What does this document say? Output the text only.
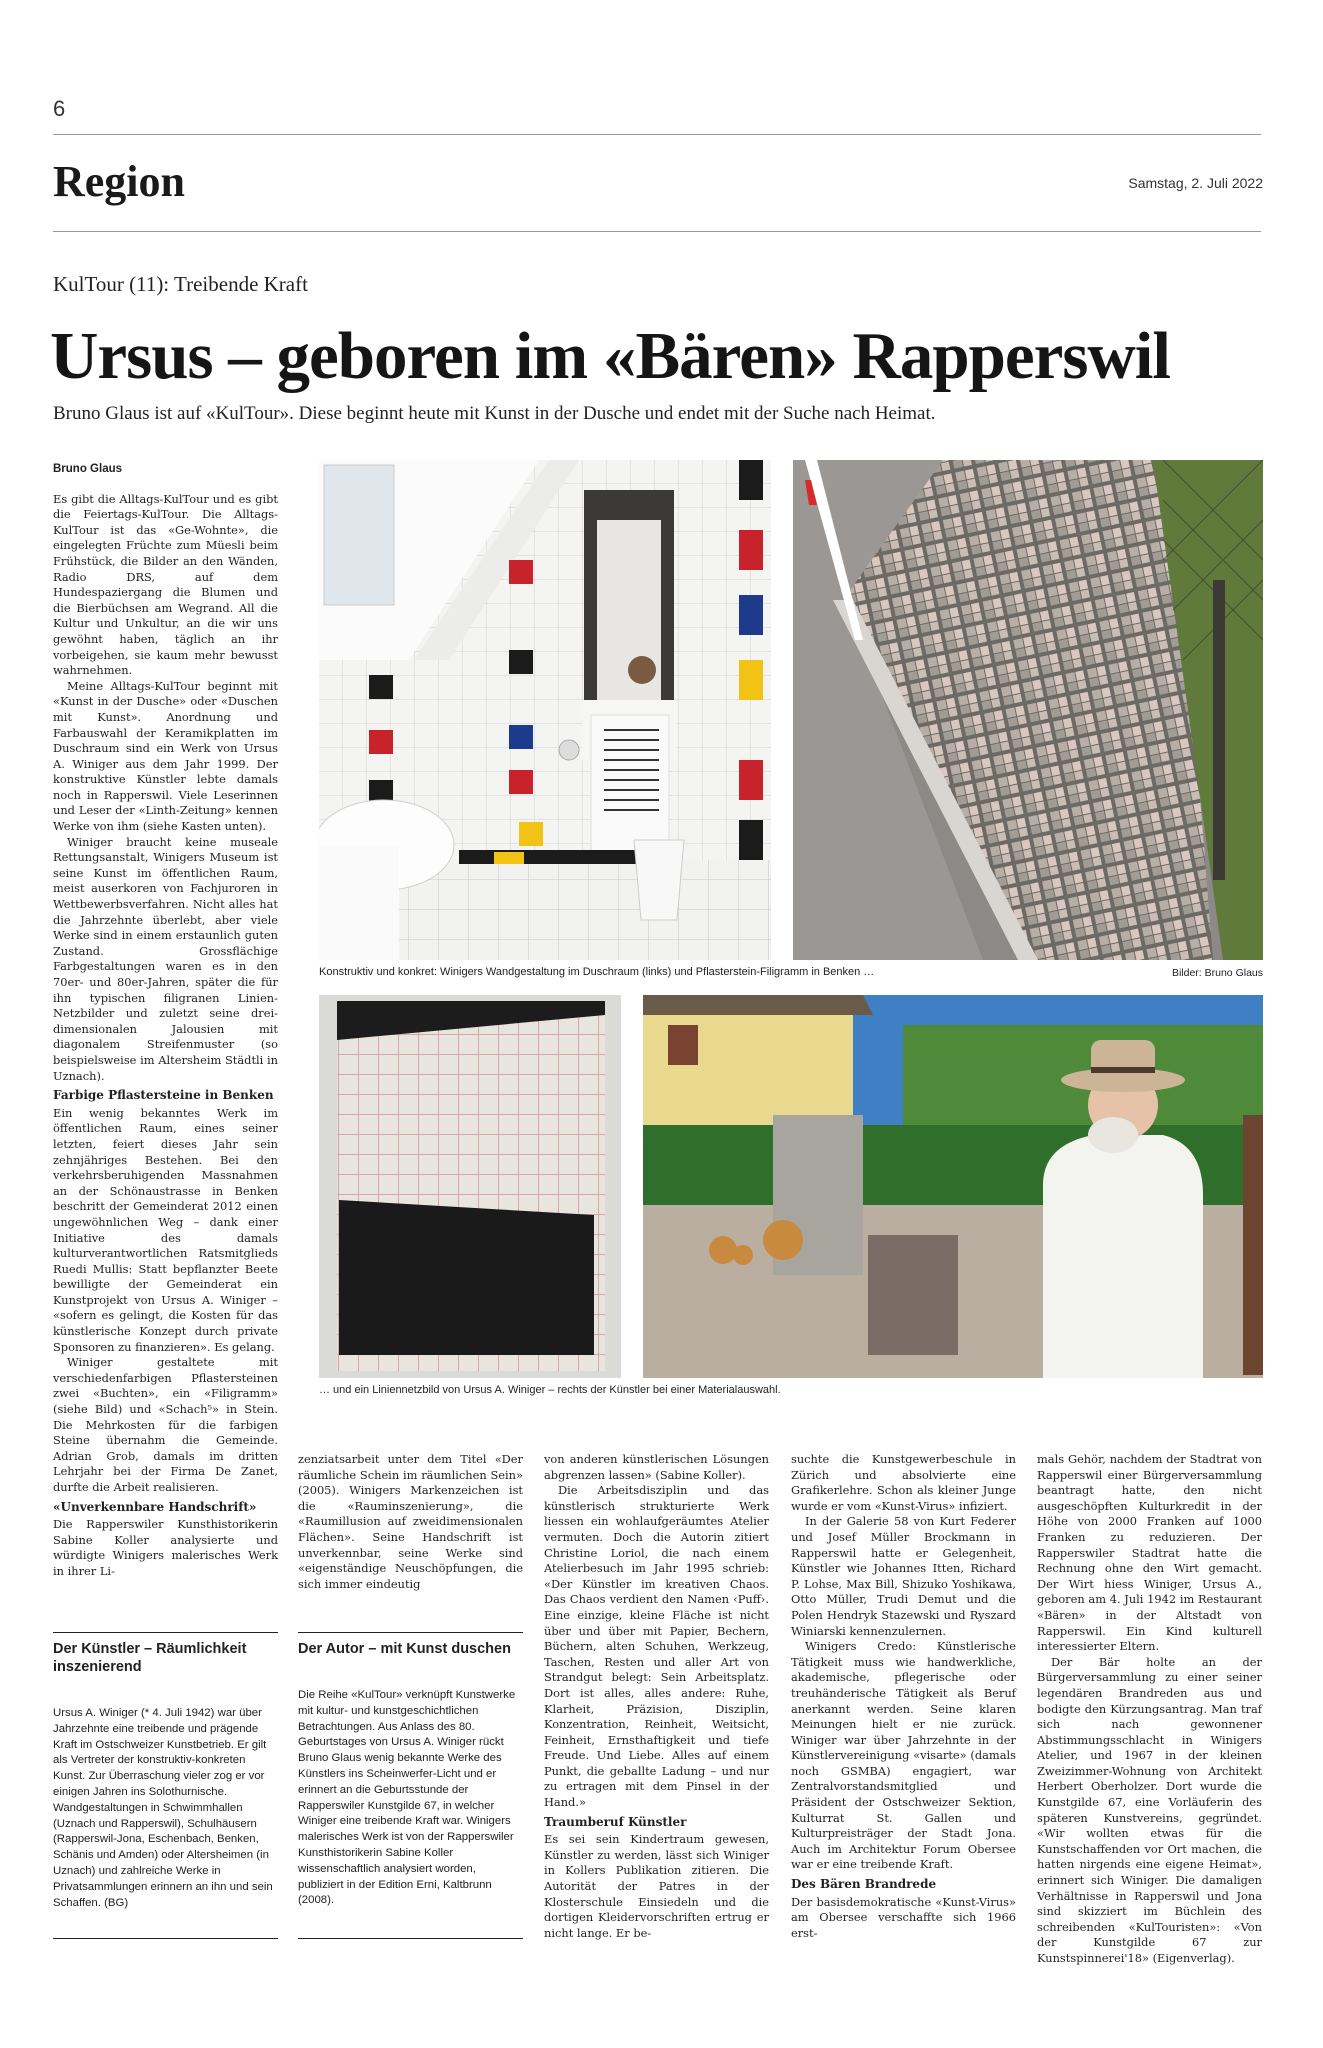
6
Region	Samstag, 2. Juli 2022
KulTour (11): Treibende Kraft
Ursus – geboren im «Bären» Rapperswil
Bruno Glaus ist auf «KulTour». Diese beginnt heute mit Kunst in der Dusche und endet mit der Suche nach Heimat.
Bruno Glaus

Es gibt die Alltags-KulTour und es gibt die Feiertags-KulTour. Die Alltags-KulTour ist das «Ge-Wohnte», die eingelegten Früchte zum Müesli beim Frühstück, die Bilder an den Wänden, Radio DRS, auf dem Hundespaziergang die Blumen und die Bierbüchsen am Wegrand. All die Kultur und Unkultur, an die wir uns gewöhnt haben, täglich an ihr vorbeigehen, sie kaum mehr bewusst wahrnehmen.

Meine Alltags-KulTour beginnt mit «Kunst in der Dusche» oder «Duschen mit Kunst». Anordnung und Farbauswahl der Keramikplatten im Duschraum sind ein Werk von Ursus A. Winiger aus dem Jahr 1999. Der konstruktive Künstler lebte damals noch in Rapperswil. Viele Leserinnen und Leser der «Linth-Zeitung» kennen Werke von ihm (siehe Kasten unten).

Winiger braucht keine museale Rettungsanstalt, Winigers Museum ist seine Kunst im öffentlichen Raum, meist auserkoren von Fachjuroren in Wettbewerbsverfahren. Nicht alles hat die Jahrzehnte überlebt, aber viele Werke sind in einem erstaunlich guten Zustand. Grossflächige Farbgestaltungen waren es in den 70er- und 80er-Jahren, später die für ihn typischen filigranen Linien-Netzbilder und zuletzt seine drei-dimensionalen Jalousien mit diagonalem Streifenmuster (so beispielsweise im Altersheim Städtli in Uznach).

Farbige Pflastersteine in Benken

Ein wenig bekanntes Werk im öffentlichen Raum, eines seiner letzten, feiert dieses Jahr sein zehnjähriges Bestehen. Bei den verkehrsberuhigenden Massnahmen an der Schönaustrasse in Benken beschritt der Gemeinderat 2012 einen ungewöhnlichen Weg – dank einer Initiative des damals kulturverantwortlichen Ratsmitglieds Ruedi Mullis: Statt bepflanzter Beete bewilligte der Gemeinderat ein Kunstprojekt von Ursus A. Winiger – «sofern es gelingt, die Kosten für das künstlerische Konzept durch private Sponsoren zu finanzieren». Es gelang.

Winiger gestaltete mit verschiedenfarbigen Pflastersteinen zwei «Buchten», ein «Filigramm» (siehe Bild) und «Schach⁵» in Stein. Die Mehrkosten für die farbigen Steine übernahm die Gemeinde. Adrian Grob, damals im dritten Lehrjahr bei der Firma De Zanet, durfte die Arbeit realisieren.

«Unverkennbare Handschrift»

Die Rapperswiler Kunsthistorikerin Sabine Koller analysierte und würdigte Winigers malerisches Werk in ihrer Li-

Konstruktiv und konkret: Winigers Wandgestaltung im Duschraum (links) und Pflasterstein-Filigramm in Benken …	Bilder: Bruno Glaus
… und ein Liniennetzbild von Ursus A. Winiger – rechts der Künstler bei einer Materialauswahl.

zenziatsarbeit unter dem Titel «Der räumliche Schein im räumlichen Sein» (2005). Winigers Markenzeichen ist die «Rauminszenierung», die «Raumillusion auf zweidimensionalen Flächen». Seine Handschrift ist unverkennbar, seine Werke sind «eigenständige Neuschöpfungen, die sich immer eindeutig

von anderen künstlerischen Lösungen abgrenzen lassen» (Sabine Koller).

Die Arbeitsdisziplin und das künstlerisch strukturierte Werk liessen ein wohlaufgeräumtes Atelier vermuten. Doch die Autorin zitiert Christine Loriol, die nach einem Atelierbesuch im Jahr 1995 schrieb: «Der Künstler im kreativen Chaos. Das Chaos verdient den Namen ‹Puff›. Eine einzige, kleine Fläche ist nicht über und über mit Papier, Bechern, Büchern, alten Schuhen, Werkzeug, Taschen, Resten und aller Art von Strandgut belegt: Sein Arbeitsplatz. Dort ist alles, alles andere: Ruhe, Klarheit, Präzision, Disziplin, Konzentration, Reinheit, Weitsicht, Feinheit, Ernsthaftigkeit und tiefe Freude. Und Liebe. Alles auf einem Punkt, die geballte Ladung – und nur zu ertragen mit dem Pinsel in der Hand.»

Traumberuf Künstler

Es sei sein Kindertraum gewesen, Künstler zu werden, lässt sich Winiger in Kollers Publikation zitieren. Die Autorität der Patres in der Klosterschule Einsiedeln und die dortigen Kleidervorschriften ertrug er nicht lange. Er be-

suchte die Kunstgewerbeschule in Zürich und absolvierte eine Grafikerlehre. Schon als kleiner Junge wurde er vom «Kunst-Virus» infiziert.

In der Galerie 58 von Kurt Federer und Josef Müller Brockmann in Rapperswil hatte er Gelegenheit, Künstler wie Johannes Itten, Richard P. Lohse, Max Bill, Shizuko Yoshikawa, Otto Müller, Trudi Demut und die Polen Hendryk Stazewski und Ryszard Winiarski kennenzulernen.

Winigers Credo: Künstlerische Tätigkeit muss wie handwerkliche, akademische, pflegerische oder treuhänderische Tätigkeit als Beruf anerkannt werden. Seine klaren Meinungen hielt er nie zurück. Winiger war über Jahrzehnte in der Künstlervereinigung «visarte» (damals noch GSMBA) engagiert, war Zentralvorstandsmitglied und Präsident der Ostschweizer Sektion, Kulturrat St. Gallen und Kulturpreisträger der Stadt Jona. Auch im Architektur Forum Obersee war er eine treibende Kraft.

Des Bären Brandrede

Der basisdemokratische «Kunst-Virus» am Obersee verschaffte sich 1966 erst-

mals Gehör, nachdem der Stadtrat von Rapperswil einer Bürgerversammlung beantragt hatte, den nicht ausgeschöpften Kulturkredit in der Höhe von 2000 Franken auf 1000 Franken zu reduzieren. Der Rapperswiler Stadtrat hatte die Rechnung ohne den Wirt gemacht. Der Wirt hiess Winiger, Ursus A., geboren am 4. Juli 1942 im Restaurant «Bären» in der Altstadt von Rapperswil. Ein Kind kulturell interessierter Eltern.

Der Bär holte an der Bürgerversammlung zu einer seiner legendären Brandreden aus und bodigte den Kürzungsantrag. Man traf sich nach gewonnener Abstimmungsschlacht in Winigers Atelier, und 1967 in der kleinen Zweizimmer-Wohnung von Architekt Herbert Oberholzer. Dort wurde die Kunstgilde 67, eine Vorläuferin des späteren Kunstvereins, gegründet. «Wir wollten etwas für die Kunstschaffenden vor Ort machen, die hatten nirgends eine eigene Heimat», erinnert sich Winiger. Die damaligen Verhältnisse in Rapperswil und Jona sind skizziert im Büchlein des schreibenden «KulTouristen»: «Von der Kunstgilde 67 zur Kunstspinnerei'18» (Eigenverlag).

Der Künstler – Räumlichkeit inszenierend

Ursus A. Winiger (* 4. Juli 1942) war über Jahrzehnte eine treibende und prägende Kraft im Ostschweizer Kunstbetrieb. Er gilt als Vertreter der konstruktiv-konkreten Kunst. Zur Überraschung vieler zog er vor einigen Jahren ins Solothurnische. Wandgestaltungen in Schwimmhallen (Uznach und Rapperswil), Schulhäusern (Rapperswil-Jona, Eschenbach, Benken, Schänis und Amden) oder Altersheimen (in Uznach) und zahlreiche Werke in Privatsammlungen erinnern an ihn und sein Schaffen. (BG)

Der Autor – mit Kunst duschen

Die Reihe «KulTour» verknüpft Kunstwerke mit kultur- und kunstgeschichtlichen Betrachtungen. Aus Anlass des 80. Geburtstages von Ursus A. Winiger rückt Bruno Glaus wenig bekannte Werke des Künstlers ins Scheinwerfer-Licht und er erinnert an die Geburtsstunde der Rapperswiler Kunstgilde 67, in welcher Winiger eine treibende Kraft war. Winigers malerisches Werk ist von der Rapperswiler Kunsthistorikerin Sabine Koller wissenschaftlich analysiert worden, publiziert in der Edition Erni, Kaltbrunn (2008).
